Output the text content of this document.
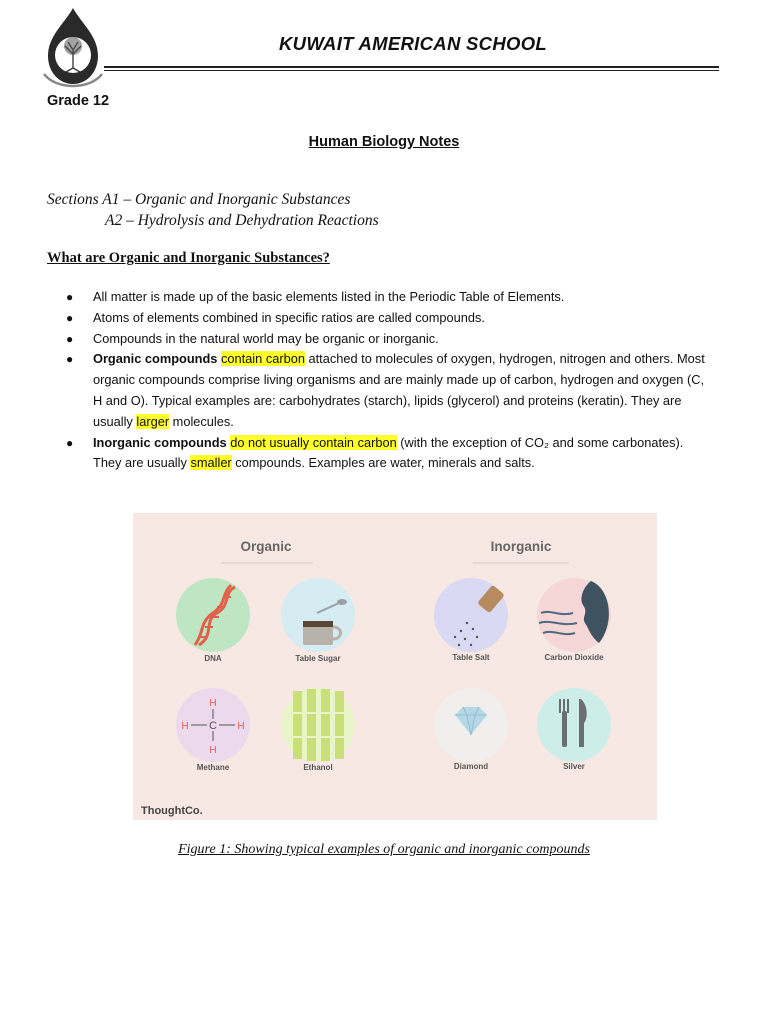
KUWAIT AMERICAN SCHOOL
Grade 12
Human Biology Notes
Sections A1 – Organic and Inorganic Substances
A2 – Hydrolysis and Dehydration Reactions
What are Organic and Inorganic Substances?
● All matter is made up of the basic elements listed in the Periodic Table of Elements.
● Atoms of elements combined in specific ratios are called compounds.
● Compounds in the natural world may be organic or inorganic.
● Organic compounds contain carbon attached to molecules of oxygen, hydrogen, nitrogen and others. Most organic compounds comprise living organisms and are mainly made up of carbon, hydrogen and oxygen (C, H and O). Typical examples are: carbohydrates (starch), lipids (glycerol) and proteins (keratin). They are usually larger molecules.
● Inorganic compounds do not usually contain carbon (with the exception of CO₂ and some carbonates). They are usually smaller compounds. Examples are water, minerals and salts.
Organic	Inorganic
DNA	Table Sugar	Table Salt	Carbon Dioxide
H
C
H
H	H
Methane	Ethanol	Diamond	Silver
ThoughtCo.
Figure 1: Showing typical examples of organic and inorganic compounds
